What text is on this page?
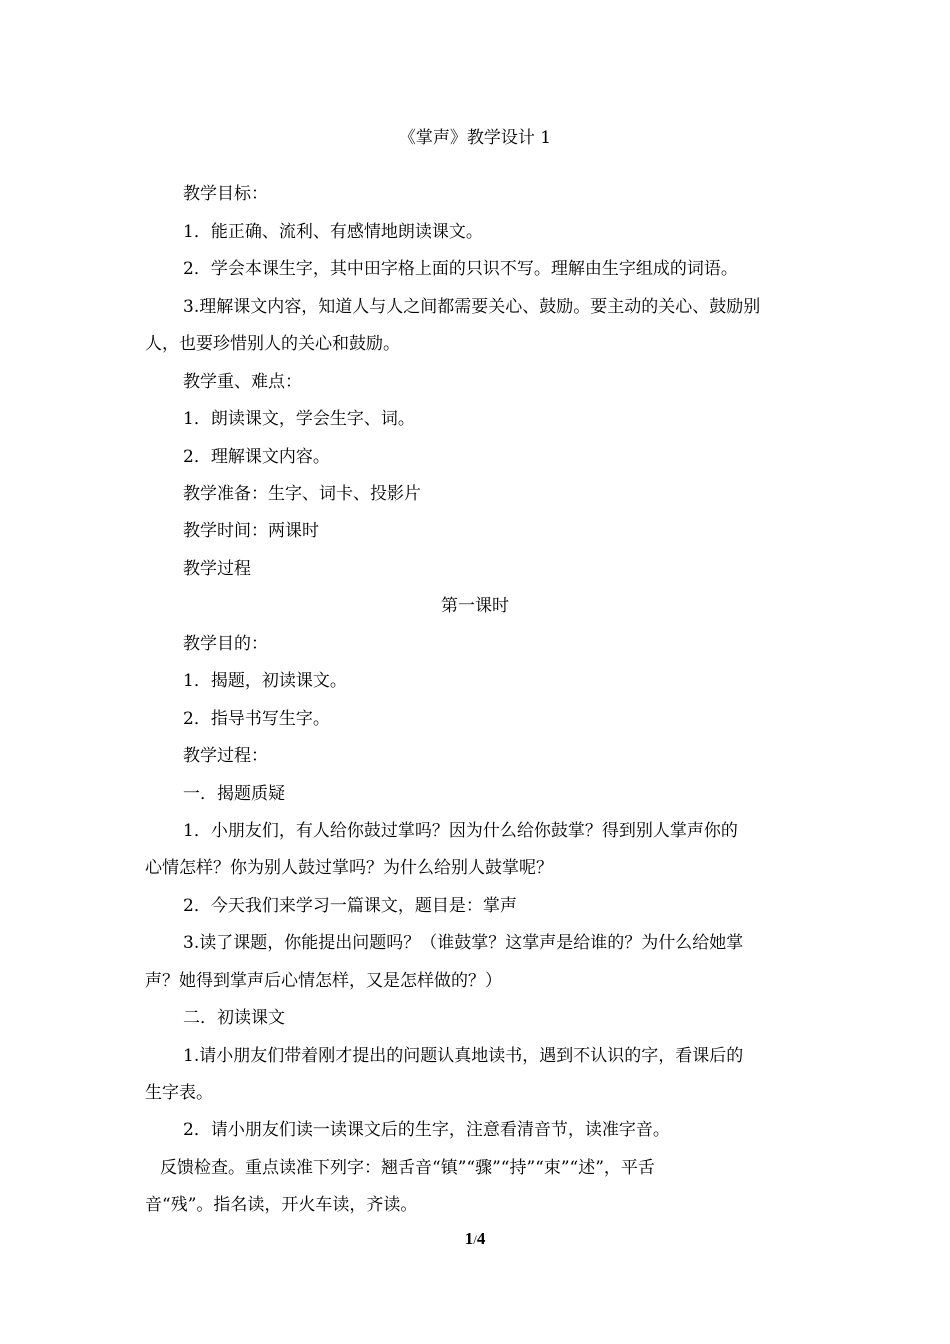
《掌声》教学设计 1
教学目标：
1．能正确、流利、有感情地朗读课文。
2．学会本课生字，其中田字格上面的只识不写。理解由生字组成的词语。
3.理解课文内容，知道人与人之间都需要关心、鼓励。要主动的关心、鼓励别
人，也要珍惜别人的关心和鼓励。
教学重、难点：
1．朗读课文，学会生字、词。
2．理解课文内容。
教学准备：生字、词卡、投影片
教学时间：两课时
教学过程
第一课时
教学目的：
1．揭题，初读课文。
2．指导书写生字。
教学过程：
一．揭题质疑
1．小朋友们，有人给你鼓过掌吗？因为什么给你鼓掌？得到别人掌声你的
心情怎样？你为别人鼓过掌吗？为什么给别人鼓掌呢？
2．今天我们来学习一篇课文，题目是：掌声
3.读了课题，你能提出问题吗？（谁鼓掌？这掌声是给谁的？为什么给她掌
声？她得到掌声后心情怎样，又是怎样做的？）
二．初读课文
1.请小朋友们带着刚才提出的问题认真地读书，遇到不认识的字，看课后的
生字表。
2．请小朋友们读一读课文后的生字，注意看清音节，读准字音。
反馈检查。重点读准下列字：翘舌音“镇”“骤”“持”“束”“述”，平舌
音“残”。指名读，开火车读，齐读。
1/4
